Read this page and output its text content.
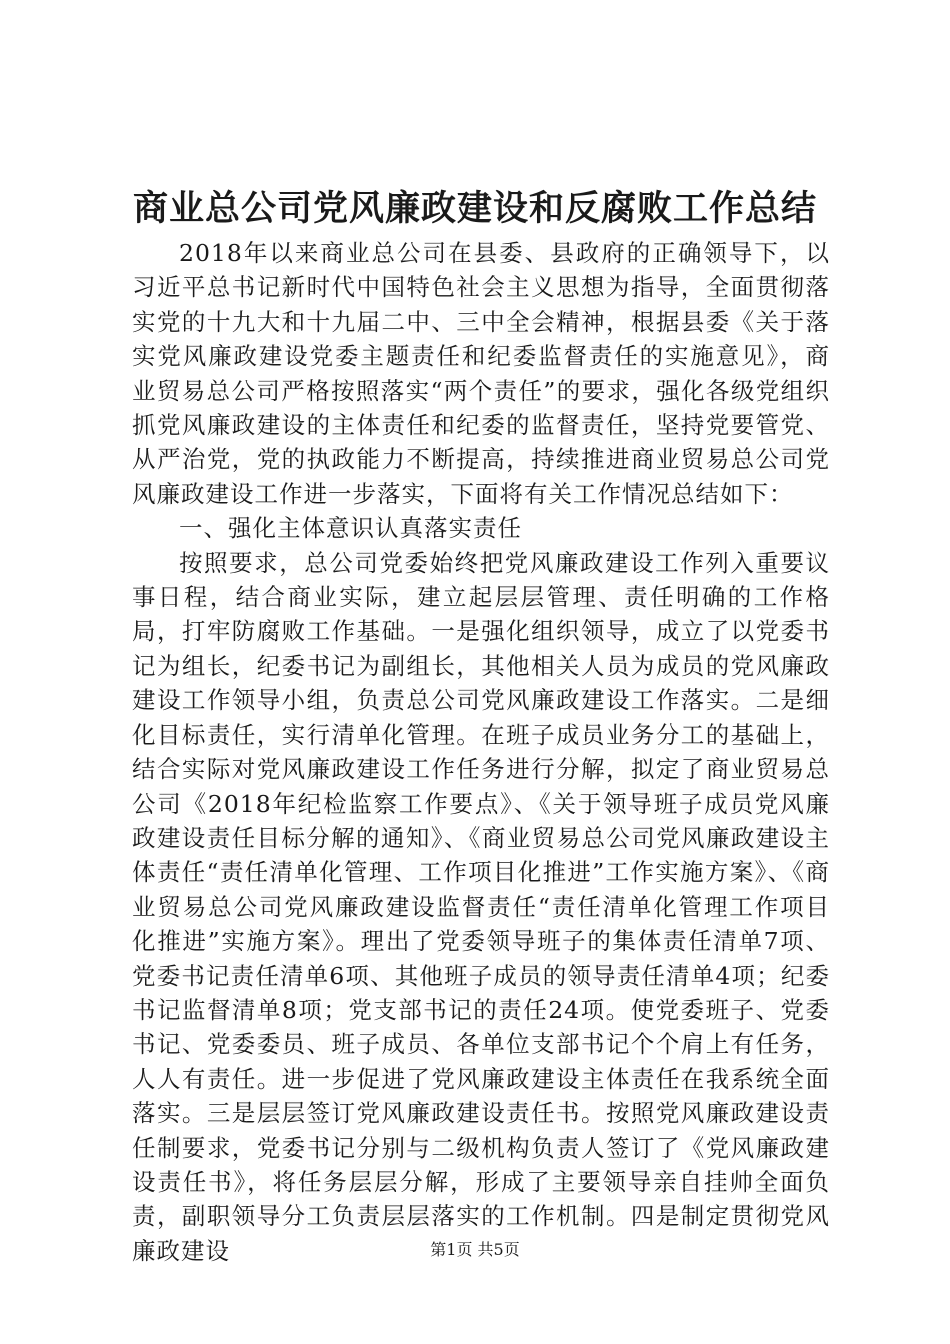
商业总公司党风廉政建设和反腐败工作总结

2018年以来商业总公司在县委、县政府的正确领导下，以习近平总书记新时代中国特色社会主义思想为指导，全面贯彻落实党的十九大和十九届二中、三中全会精神，根据县委《关于落实党风廉政建设党委主题责任和纪委监督责任的实施意见》，商业贸易总公司严格按照落实“两个责任”的要求，强化各级党组织抓党风廉政建设的主体责任和纪委的监督责任，坚持党要管党、从严治党，党的执政能力不断提高，持续推进商业贸易总公司党风廉政建设工作进一步落实，下面将有关工作情况总结如下：

一、强化主体意识认真落实责任

按照要求，总公司党委始终把党风廉政建设工作列入重要议事日程，结合商业实际，建立起层层管理、责任明确的工作格局，打牢防腐败工作基础。一是强化组织领导，成立了以党委书记为组长，纪委书记为副组长，其他相关人员为成员的党风廉政建设工作领导小组，负责总公司党风廉政建设工作落实。二是细化目标责任，实行清单化管理。在班子成员业务分工的基础上，结合实际对党风廉政建设工作任务进行分解，拟定了商业贸易总公司《2018年纪检监察工作要点》、《关于领导班子成员党风廉政建设责任目标分解的通知》、《商业贸易总公司党风廉政建设主体责任“责任清单化管理、工作项目化推进”工作实施方案》、《商业贸易总公司党风廉政建设监督责任“责任清单化管理工作项目化推进”实施方案》。理出了党委领导班子的集体责任清单7项、党委书记责任清单6项、其他班子成员的领导责任清单4项；纪委书记监督清单8项；党支部书记的责任24项。使党委班子、党委书记、党委委员、班子成员、各单位支部书记个个肩上有任务，人人有责任。进一步促进了党风廉政建设主体责任在我系统全面落实。三是层层签订党风廉政建设责任书。按照党风廉政建设责任制要求，党委书记分别与二级机构负责人签订了《党风廉政建设责任书》，将任务层层分解，形成了主要领导亲自挂帅全面负责，副职领导分工负责层层落实的工作机制。四是制定贯彻党风廉政建设	第1页 共5页
